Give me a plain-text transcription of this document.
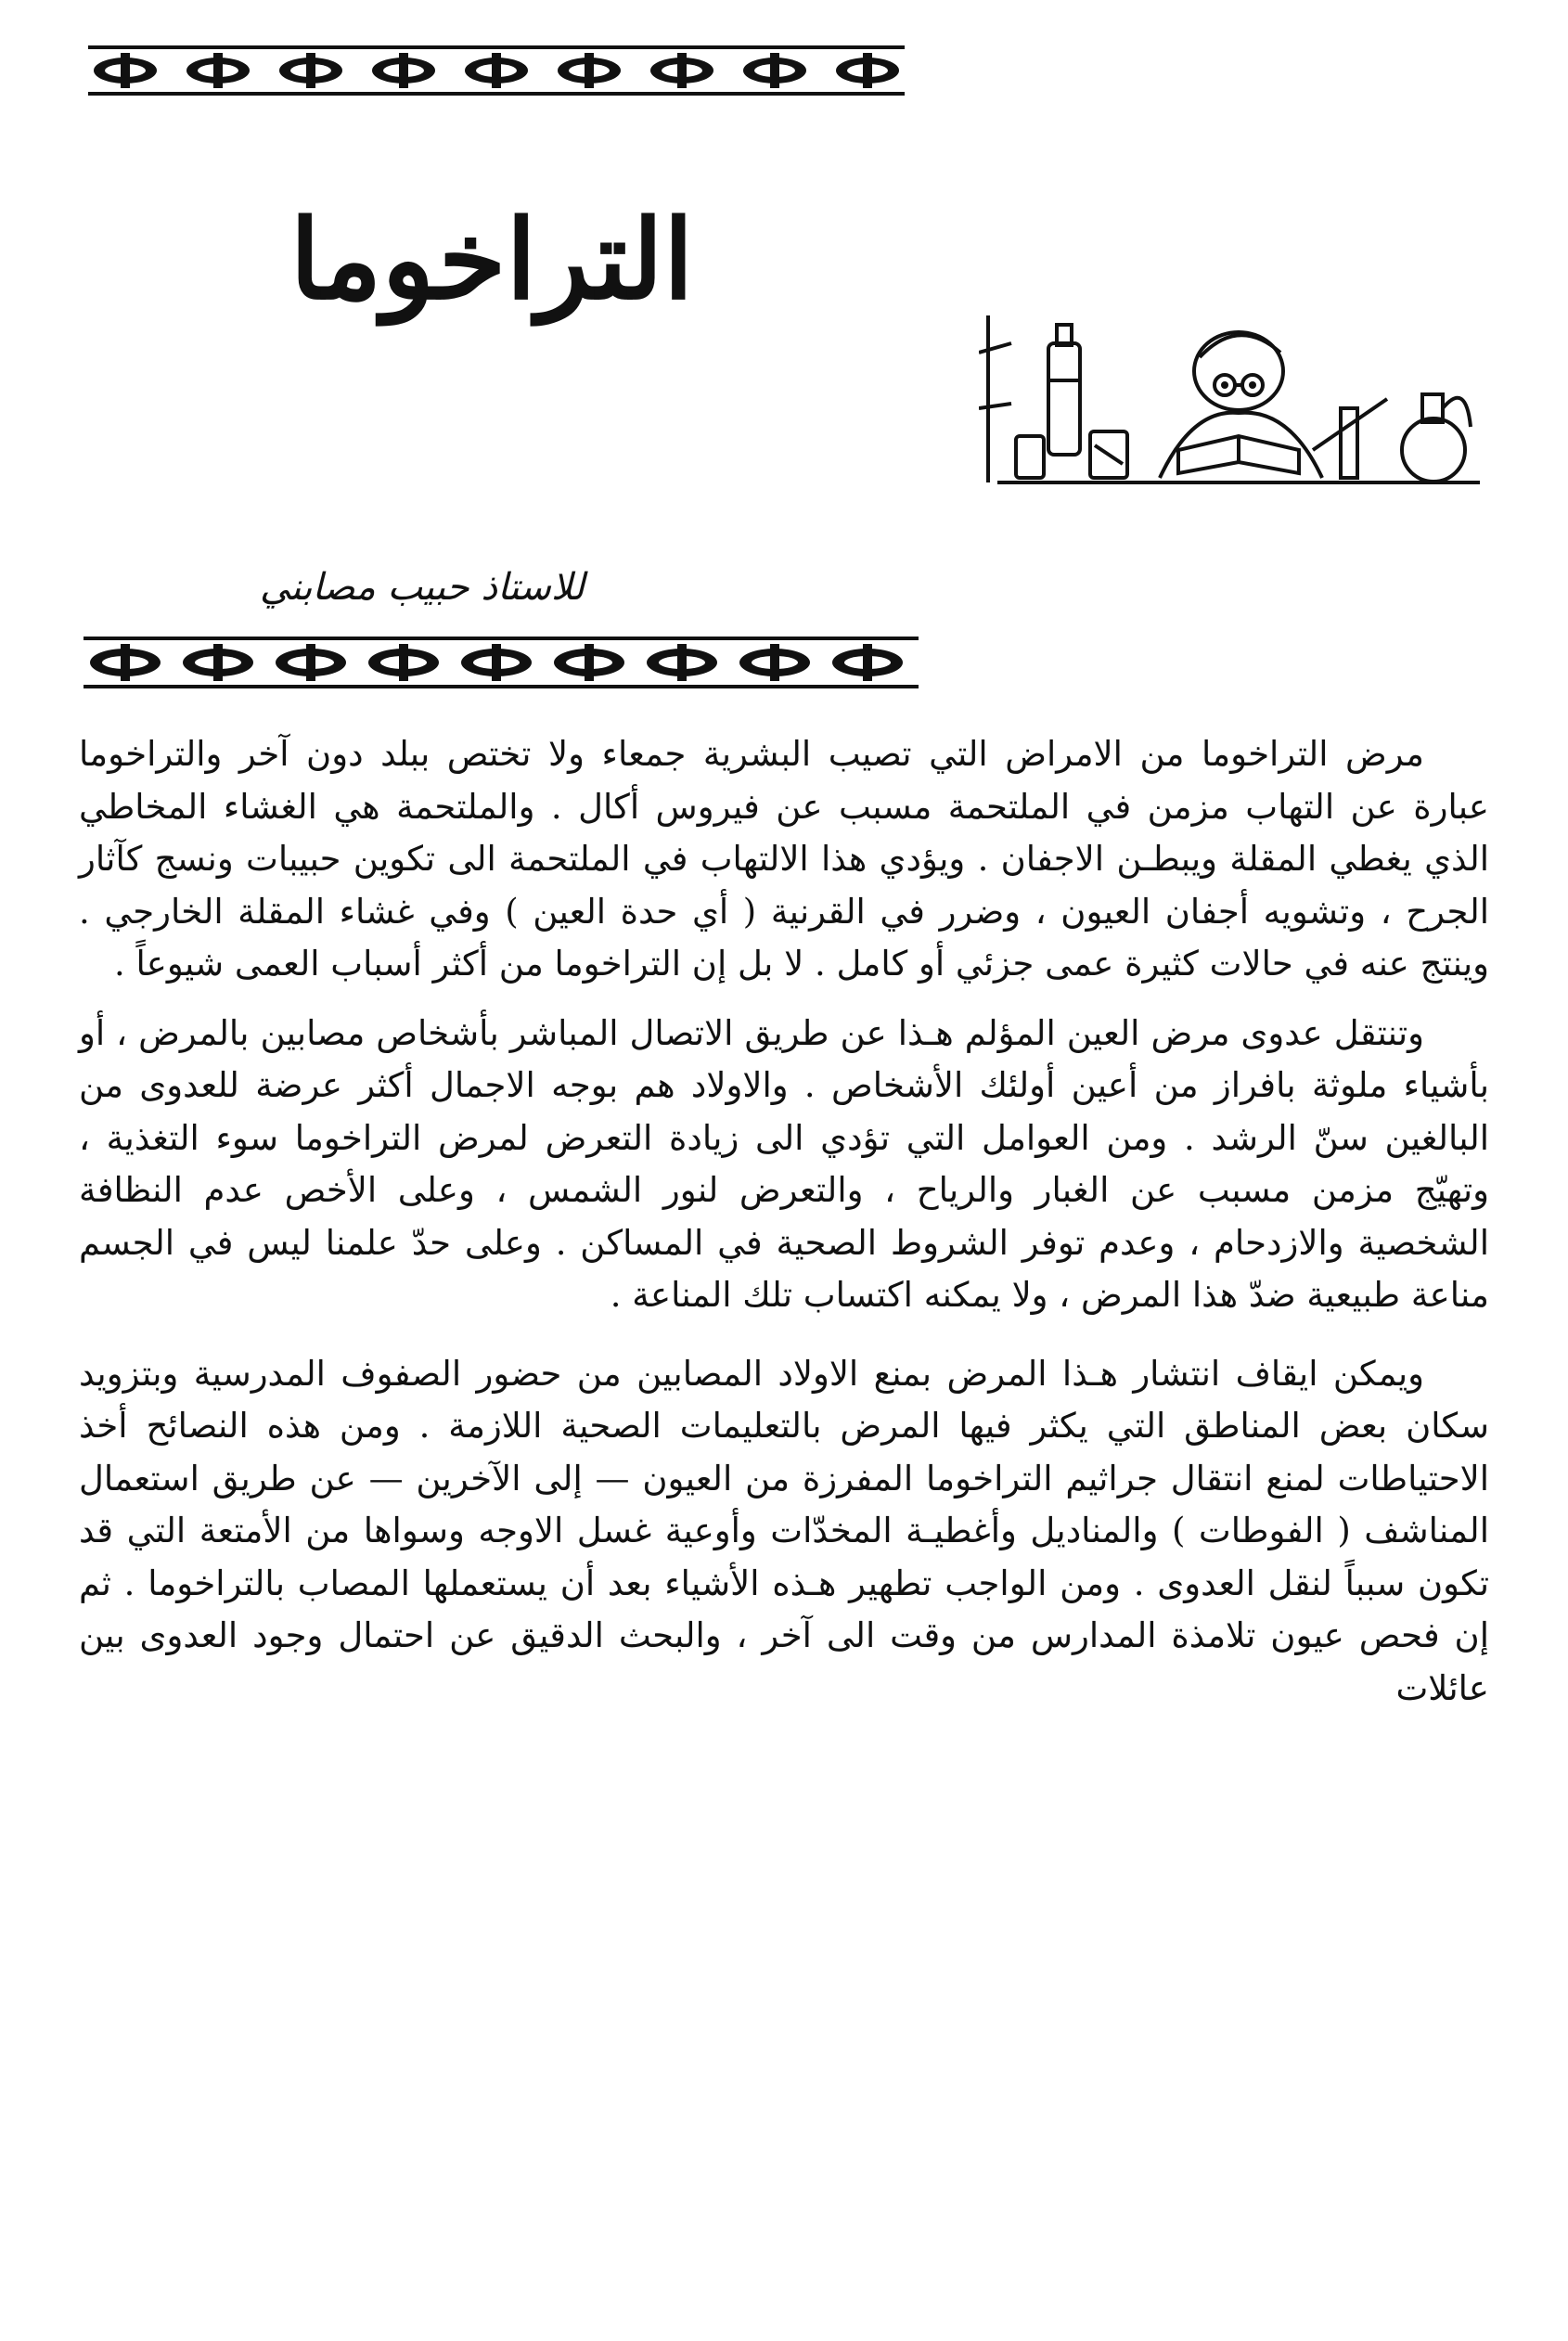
التراخوما
للاستاذ حبيب مصابني

مرض التراخوما من الامراض التي تصيب البشرية جمعاء ولا تختص ببلد دون آخر والتراخوما عبارة عن التهاب مزمن في الملتحمة مسبب عن فيروس أكال . والملتحمة هي الغشاء المخاطي الذي يغطي المقلة ويبطـن الاجفان . ويؤدي هذا الالتهاب في الملتحمة الى تكوين حبيبات ونسج كآثار الجرح ، وتشويه أجفان العيون ، وضرر في القرنية ( أي حدة العين ) وفي غشاء المقلة الخارجي . وينتج عنه في حالات كثيرة عمى جزئي أو كامل . لا بل إن التراخوما من أكثر أسباب العمى شيوعاً .

وتنتقل عدوى مرض العين المؤلم هـذا عن طريق الاتصال المباشر بأشخاص مصابين بالمرض ، أو بأشياء ملوثة بافراز من أعين أولئك الأشخاص . والاولاد هم بوجه الاجمال أكثر عرضة للعدوى من البالغين سنّ الرشد . ومن العوامل التي تؤدي الى زيادة التعرض لمرض التراخوما سوء التغذية ، وتهيّج مزمن مسبب عن الغبار والرياح ، والتعرض لنور الشمس ، وعلى الأخص عدم النظافة الشخصية والازدحام ، وعدم توفر الشروط الصحية في المساكن . وعلى حدّ علمنا ليس في الجسم مناعة طبيعية ضدّ هذا المرض ، ولا يمكنه اكتساب تلك المناعة .

ويمكن ايقاف انتشار هـذا المرض بمنع الاولاد المصابين من حضور الصفوف المدرسية وبتزويد سكان بعض المناطق التي يكثر فيها المرض بالتعليمات الصحية اللازمة . ومن هذه النصائح أخذ الاحتياطات لمنع انتقال جراثيم التراخوما المفرزة من العيون — إلى الآخرين — عن طريق استعمال المناشف ( الفوطات ) والمناديل وأغطيـة المخدّات وأوعية غسل الاوجه وسواها من الأمتعة التي قد تكون سبباً لنقل العدوى . ومن الواجب تطهير هـذه الأشياء بعد أن يستعملها المصاب بالتراخوما . ثم إن فحص عيون تلامذة المدارس من وقت الى آخر ، والبحث الدقيق عن احتمال وجود العدوى بين عائلات
